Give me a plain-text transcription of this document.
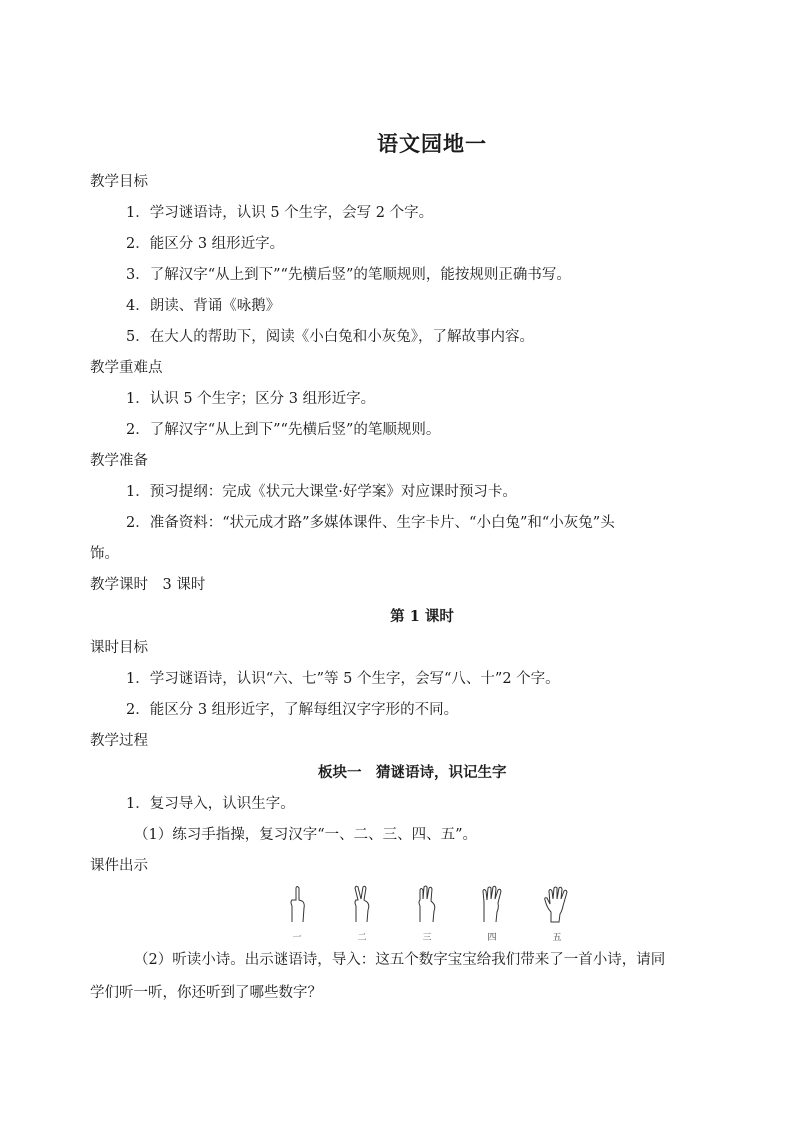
语文园地一
教学目标
1．学习谜语诗，认识 5 个生字，会写 2 个字。
2．能区分 3 组形近字。
3．了解汉字“从上到下”“先横后竖”的笔顺规则，能按规则正确书写。
4．朗读、背诵《咏鹅》
5．在大人的帮助下，阅读《小白兔和小灰兔》，了解故事内容。
教学重难点
1．认识 5 个生字；区分 3 组形近字。
2．了解汉字“从上到下”“先横后竖”的笔顺规则。
教学准备
1．预习提纲：完成《状元大课堂·好学案》对应课时预习卡。
2．准备资料：“状元成才路”多媒体课件、生字卡片、“小白兔”和“小灰兔”头
饰。
教学课时　3 课时
第 1 课时
课时目标
1．学习谜语诗，认识“六、七”等 5 个生字，会写“八、十”2 个字。
2．能区分 3 组形近字，了解每组汉字字形的不同。
教学过程
板块一　猜谜语诗，识记生字
1．复习导入，认识生字。
（1）练习手指操，复习汉字“一、二、三、四、五”。
课件出示
一	二	三	四	五
（2）听读小诗。出示谜语诗，导入：这五个数字宝宝给我们带来了一首小诗，请同
学们听一听，你还听到了哪些数字？
